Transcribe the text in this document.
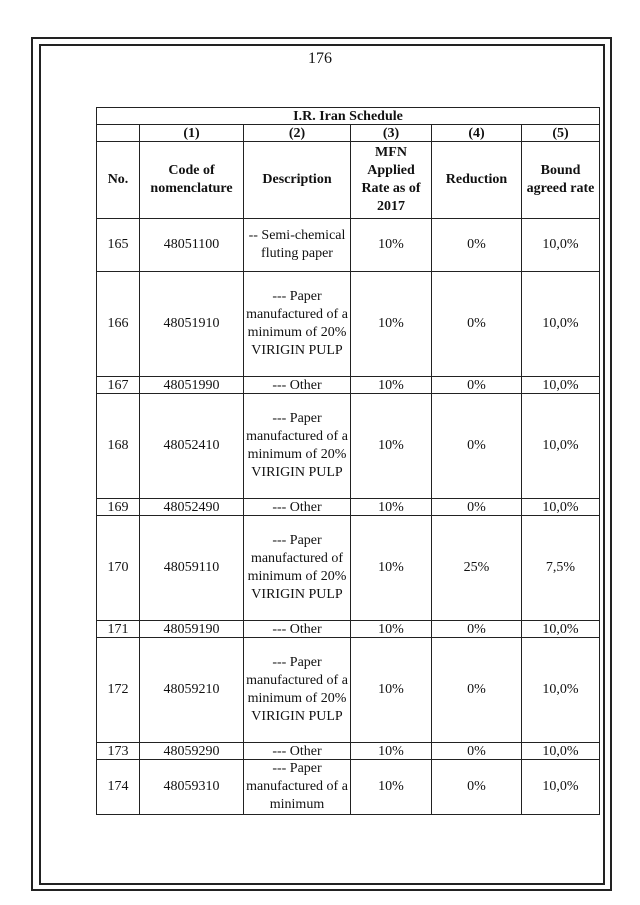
176
I.R. Iran Schedule					
	(1)	(2)	(3)	(4)	(5)
No.	Code of nomenclature	Description	MFN Applied Rate as of 2017	Reduction	Bound agreed rate
165	48051100	-- Semi-chemical fluting paper	10%	0%	10,0%
166	48051910	--- Paper manufactured of a minimum of 20% VIRIGIN PULP	10%	0%	10,0%
167	48051990	--- Other	10%	0%	10,0%
168	48052410	--- Paper manufactured of a minimum of 20% VIRIGIN PULP	10%	0%	10,0%
169	48052490	--- Other	10%	0%	10,0%
170	48059110	--- Paper manufactured of minimum of 20% VIRIGIN PULP	10%	25%	7,5%
171	48059190	--- Other	10%	0%	10,0%
172	48059210	--- Paper manufactured of a minimum of 20% VIRIGIN PULP	10%	0%	10,0%
173	48059290	--- Other	10%	0%	10,0%
174	48059310	--- Paper manufactured of a minimum	10%	0%	10,0%
